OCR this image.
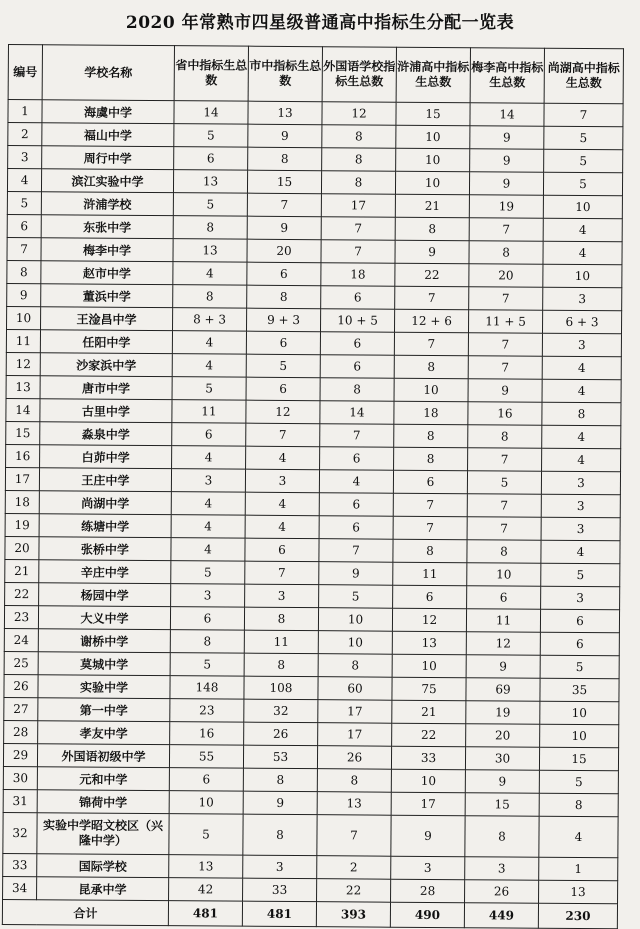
2020 年常熟市四星级普通高中指标生分配一览表
编号	学校名称	省中指标生总数	市中指标生总数	外国语学校指标生总数	浒浦高中指标生总数	梅李高中指标生总数	尚湖高中指标生总数
1	海虞中学	14	13	12	15	14	7
2	福山中学	5	9	8	10	9	5
3	周行中学	6	8	8	10	9	5
4	滨江实验中学	13	15	8	10	9	5
5	浒浦学校	5	7	17	21	19	10
6	东张中学	8	9	7	8	7	4
7	梅李中学	13	20	7	9	8	4
8	赵市中学	4	6	18	22	20	10
9	董浜中学	8	8	6	7	7	3
10	王淦昌中学	8 + 3	9 + 3	10 + 5	12 + 6	11 + 5	6 + 3
11	任阳中学	4	6	6	7	7	3
12	沙家浜中学	4	5	6	8	7	4
13	唐市中学	5	6	8	10	9	4
14	古里中学	11	12	14	18	16	8
15	淼泉中学	6	7	7	8	8	4
16	白茆中学	4	4	6	8	7	4
17	王庄中学	3	3	4	6	5	3
18	尚湖中学	4	4	6	7	7	3
19	练塘中学	4	4	6	7	7	3
20	张桥中学	4	6	7	8	8	4
21	辛庄中学	5	7	9	11	10	5
22	杨园中学	3	3	5	6	6	3
23	大义中学	6	8	10	12	11	6
24	谢桥中学	8	11	10	13	12	6
25	莫城中学	5	8	8	10	9	5
26	实验中学	148	108	60	75	69	35
27	第一中学	23	32	17	21	19	10
28	孝友中学	16	26	17	22	20	10
29	外国语初级中学	55	53	26	33	30	15
30	元和中学	6	8	8	10	9	5
31	锦荷中学	10	9	13	17	15	8
32	实验中学昭文校区（兴隆中学）	5	8	7	9	8	4
33	国际学校	13	3	2	3	3	1
34	昆承中学	42	33	22	28	26	13
合计		481	481	393	490	449	230
